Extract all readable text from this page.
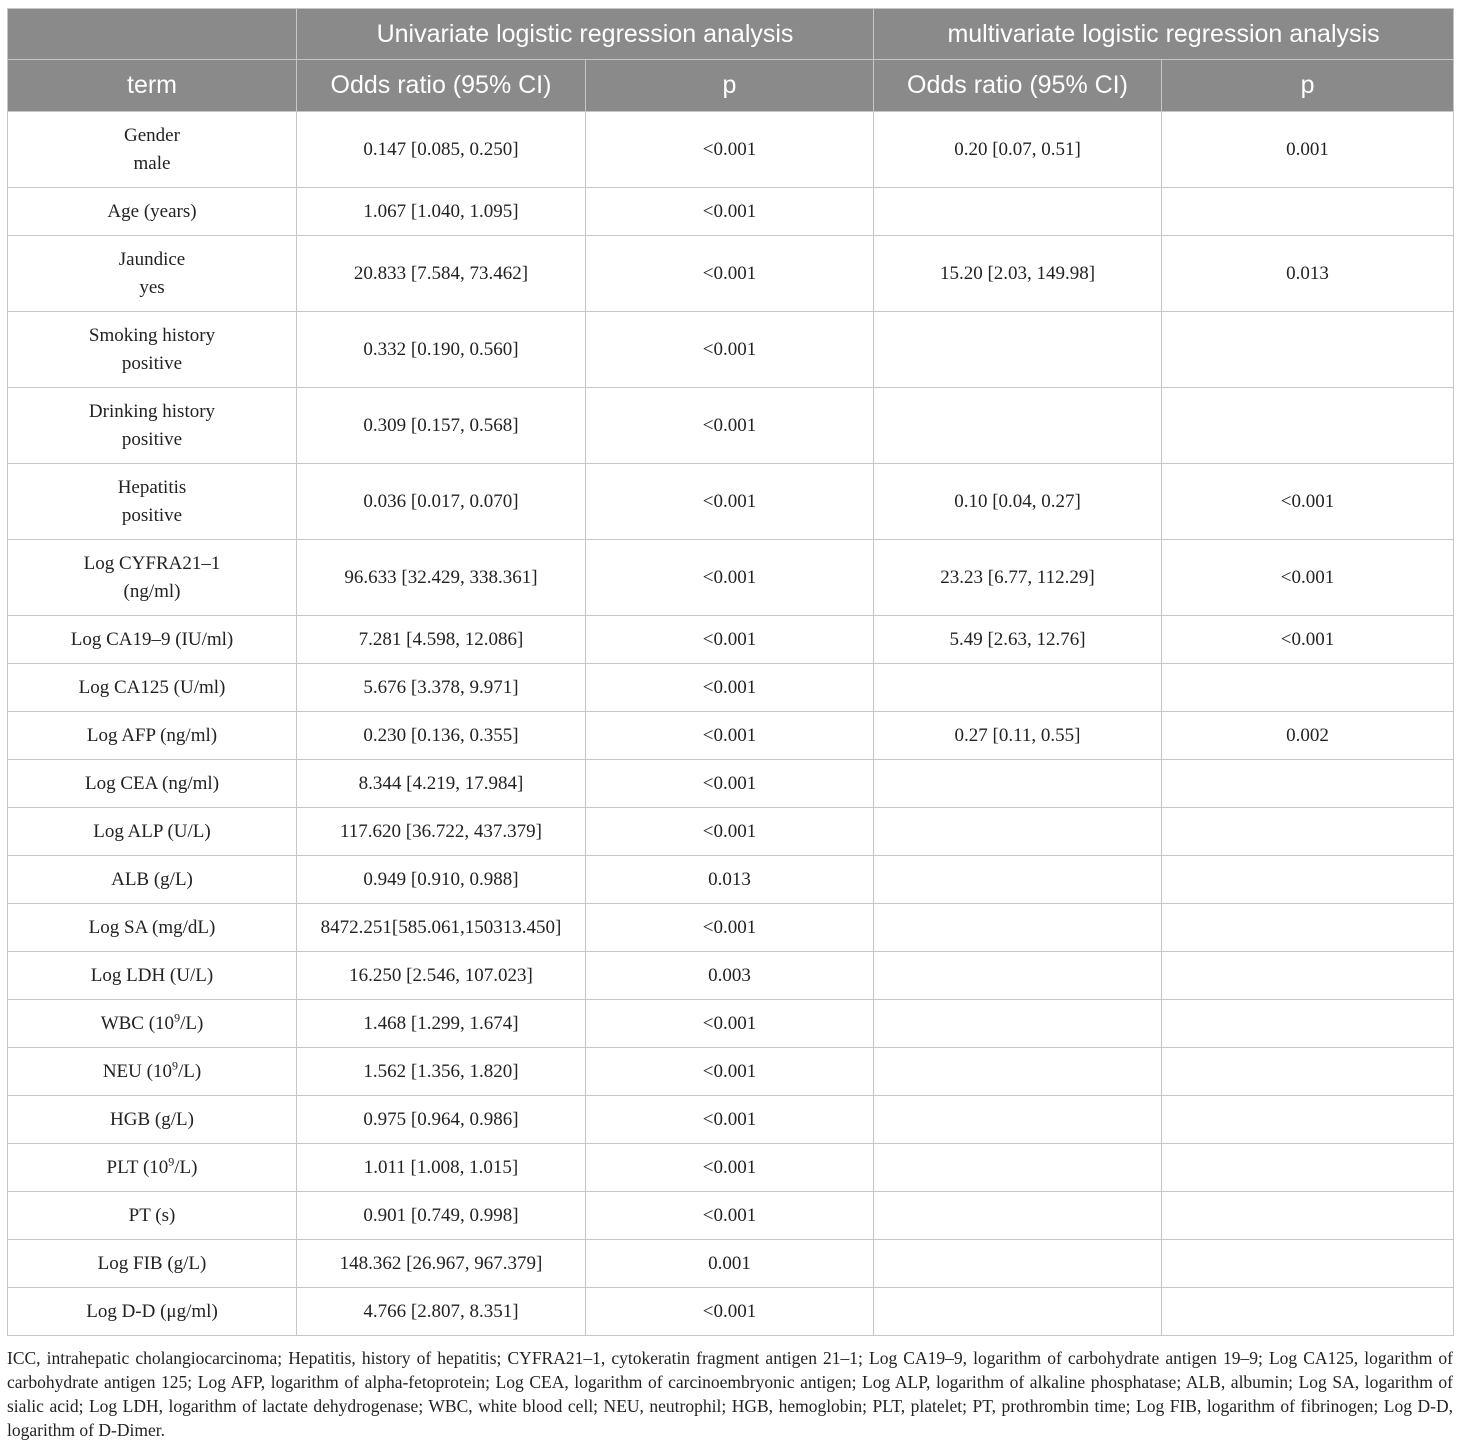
	Univariate logistic regression analysis		multivariate logistic regression analysis	
term	Odds ratio (95% CI)	p	Odds ratio (95% CI)	p

Gender
male	0.147 [0.085, 0.250]	<0.001	0.20 [0.07, 0.51]	0.001

Age (years)	1.067 [1.040, 1.095]	<0.001		

Jaundice
yes	20.833 [7.584, 73.462]	<0.001	15.20 [2.03, 149.98]	0.013

Smoking history
positive	0.332 [0.190, 0.560]	<0.001		

Drinking history
positive	0.309 [0.157, 0.568]	<0.001		

Hepatitis
positive	0.036 [0.017, 0.070]	<0.001	0.10 [0.04, 0.27]	<0.001

Log CYFRA21–1
(ng/ml)	96.633 [32.429, 338.361]	<0.001	23.23 [6.77, 112.29]	<0.001

Log CA19–9 (IU/ml)	7.281 [4.598, 12.086]	<0.001	5.49 [2.63, 12.76]	<0.001

Log CA125 (U/ml)	5.676 [3.378, 9.971]	<0.001		

Log AFP (ng/ml)	0.230 [0.136, 0.355]	<0.001	0.27 [0.11, 0.55]	0.002

Log CEA (ng/ml)	8.344 [4.219, 17.984]	<0.001		

Log ALP (U/L)	117.620 [36.722, 437.379]	<0.001		

ALB (g/L)	0.949 [0.910, 0.988]	0.013		

Log SA (mg/dL)	8472.251[585.061,150313.450]	<0.001		

Log LDH (U/L)	16.250 [2.546, 107.023]	0.003		

WBC $(10^9/L)$	1.468 [1.299, 1.674]	<0.001		

NEU $(10^9/L)$	1.562 [1.356, 1.820]	<0.001		

HGB (g/L)	0.975 [0.964, 0.986]	<0.001		

PLT $(10^9/L)$	1.011 [1.008, 1.015]	<0.001		

PT (s)	0.901 [0.749, 0.998]	<0.001		

Log FIB (g/L)	148.362 [26.967, 967.379]	0.001		

Log D-D (μg/ml)	4.766 [2.807, 8.351]	<0.001		

ICC, intrahepatic cholangiocarcinoma; Hepatitis, history of hepatitis; CYFRA21–1, cytokeratin fragment antigen 21–1; Log CA19–9, logarithm of carbohydrate antigen 19–9; Log CA125, logarithm of carbohydrate antigen 125; Log AFP, logarithm of alpha-fetoprotein; Log CEA, logarithm of carcinoembryonic antigen; Log ALP, logarithm of alkaline phosphatase; ALB, albumin; Log SA, logarithm of sialic acid; Log LDH, logarithm of lactate dehydrogenase; WBC, white blood cell; NEU, neutrophil; HGB, hemoglobin; PLT, platelet; PT, prothrombin time; Log FIB, logarithm of fibrinogen; Log D-D, logarithm of D-Dimer.
